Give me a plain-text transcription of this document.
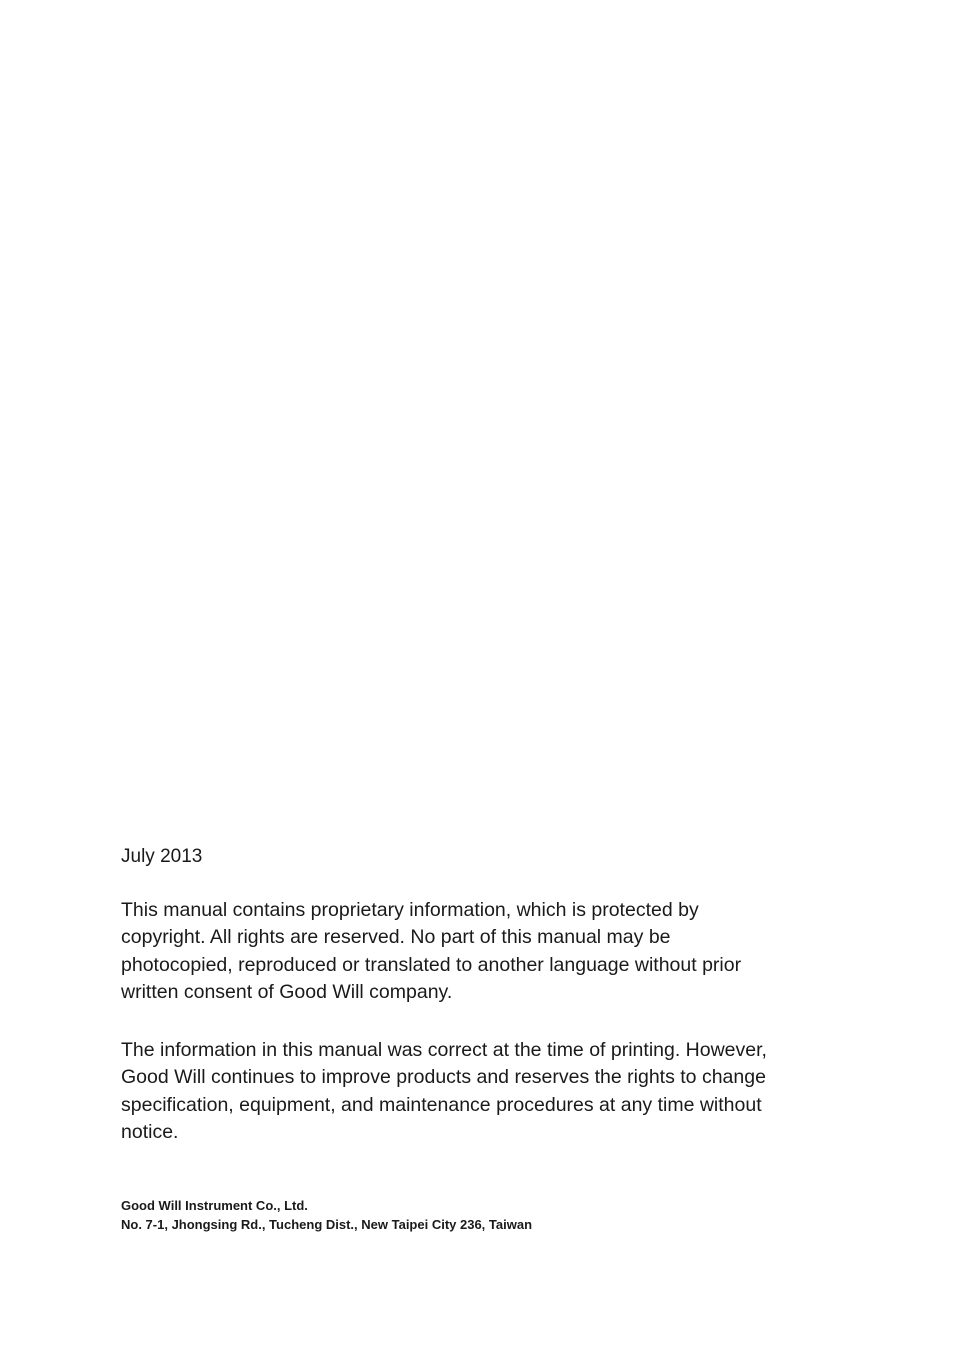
July 2013
This manual contains proprietary information, which is protected by copyright. All rights are reserved. No part of this manual may be photocopied, reproduced or translated to another language without prior written consent of Good Will company.
The information in this manual was correct at the time of printing. However, Good Will continues to improve products and reserves the rights to change specification, equipment, and maintenance procedures at any time without notice.
Good Will Instrument Co., Ltd.
No. 7-1, Jhongsing Rd., Tucheng Dist., New Taipei City 236, Taiwan
